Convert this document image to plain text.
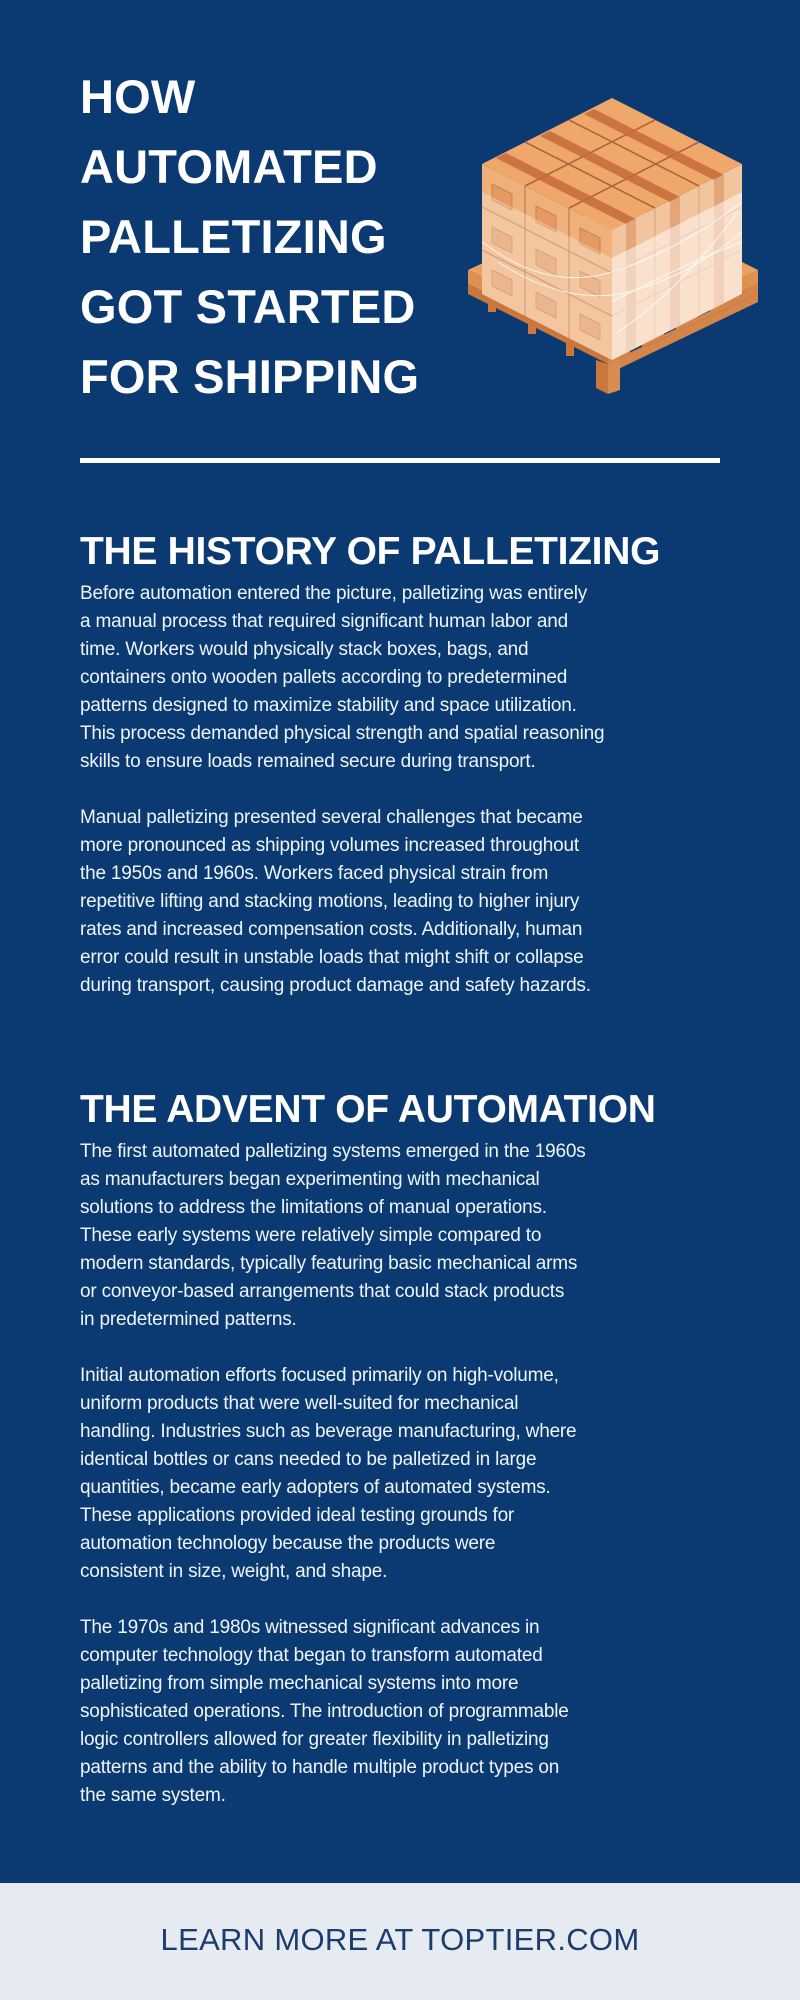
HOW
AUTOMATED
PALLETIZING
GOT STARTED
FOR SHIPPING
THE HISTORY OF PALLETIZING

Before automation entered the picture, palletizing was entirely
a manual process that required significant human labor and
time. Workers would physically stack boxes, bags, and
containers onto wooden pallets according to predetermined
patterns designed to maximize stability and space utilization.
This process demanded physical strength and spatial reasoning
skills to ensure loads remained secure during transport.

Manual palletizing presented several challenges that became
more pronounced as shipping volumes increased throughout
the 1950s and 1960s. Workers faced physical strain from
repetitive lifting and stacking motions, leading to higher injury
rates and increased compensation costs. Additionally, human
error could result in unstable loads that might shift or collapse
during transport, causing product damage and safety hazards.

THE ADVENT OF AUTOMATION

The first automated palletizing systems emerged in the 1960s
as manufacturers began experimenting with mechanical
solutions to address the limitations of manual operations.
These early systems were relatively simple compared to
modern standards, typically featuring basic mechanical arms
or conveyor-based arrangements that could stack products
in predetermined patterns.

Initial automation efforts focused primarily on high-volume,
uniform products that were well-suited for mechanical
handling. Industries such as beverage manufacturing, where
identical bottles or cans needed to be palletized in large
quantities, became early adopters of automated systems.
These applications provided ideal testing grounds for
automation technology because the products were
consistent in size, weight, and shape.

The 1970s and 1980s witnessed significant advances in
computer technology that began to transform automated
palletizing from simple mechanical systems into more
sophisticated operations. The introduction of programmable
logic controllers allowed for greater flexibility in palletizing
patterns and the ability to handle multiple product types on
the same system.

LEARN MORE AT TOPTIER.COM
